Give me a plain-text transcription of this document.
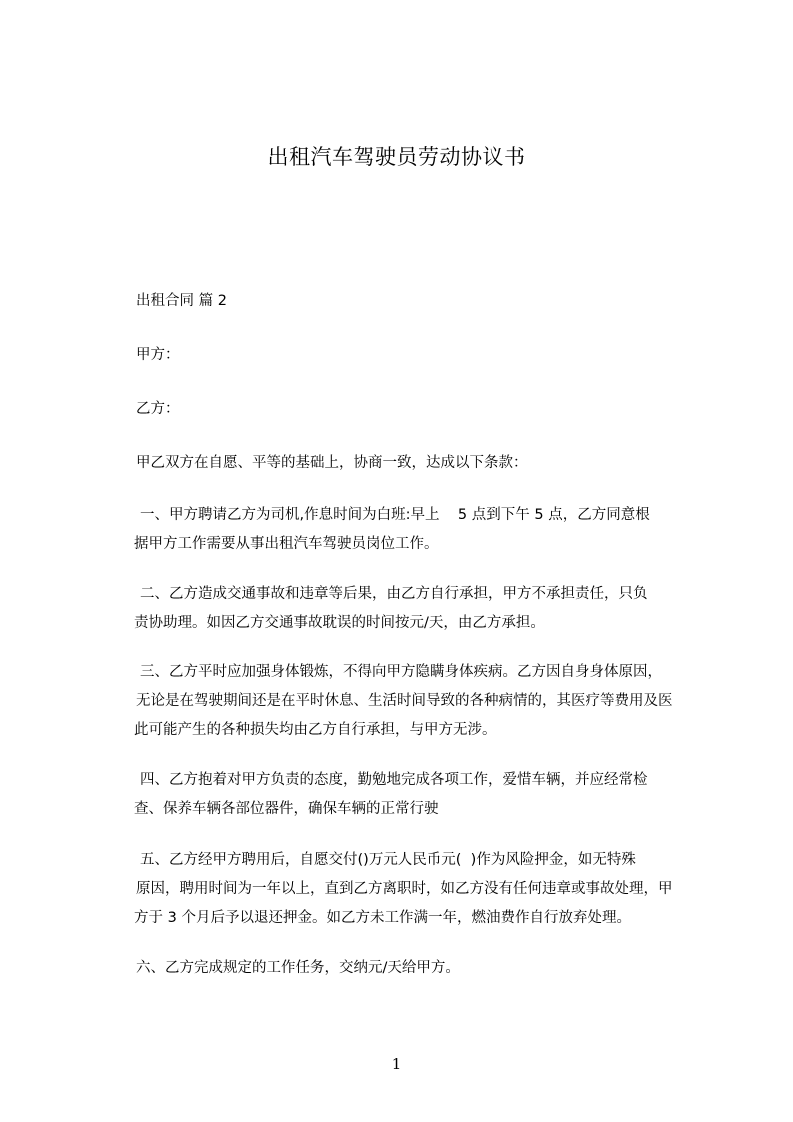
出租汽车驾驶员劳动协议书
出租合同 篇 2
甲方：
乙方：
甲乙双方在自愿、平等的基础上，协商一致，达成以下条款：
一、甲方聘请乙方为司机,作息时间为白班:早上    5 点到下午 5 点，乙方同意根
据甲方工作需要从事出租汽车驾驶员岗位工作。
二、乙方造成交通事故和违章等后果，由乙方自行承担，甲方不承担责任，只负
责协助理。如因乙方交通事故耽误的时间按元/天，由乙方承担。
三、乙方平时应加强身体锻炼，不得向甲方隐瞒身体疾病。乙方因自身身体原因，
无论是在驾驶期间还是在平时休息、生活时间导致的各种病情的，其医疗等费用及医
此可能产生的各种损失均由乙方自行承担，与甲方无涉。
四、乙方抱着对甲方负责的态度，勤勉地完成各项工作，爱惜车辆，并应经常检
查、保养车辆各部位器件，确保车辆的正常行驶
五、乙方经甲方聘用后，自愿交付()万元人民币元(  )作为风险押金，如无特殊
原因，聘用时间为一年以上，直到乙方离职时，如乙方没有任何违章或事故处理，甲
方于 3 个月后予以退还押金。如乙方未工作满一年，燃油费作自行放弃处理。
六、乙方完成规定的工作任务，交纳元/天给甲方。
1
